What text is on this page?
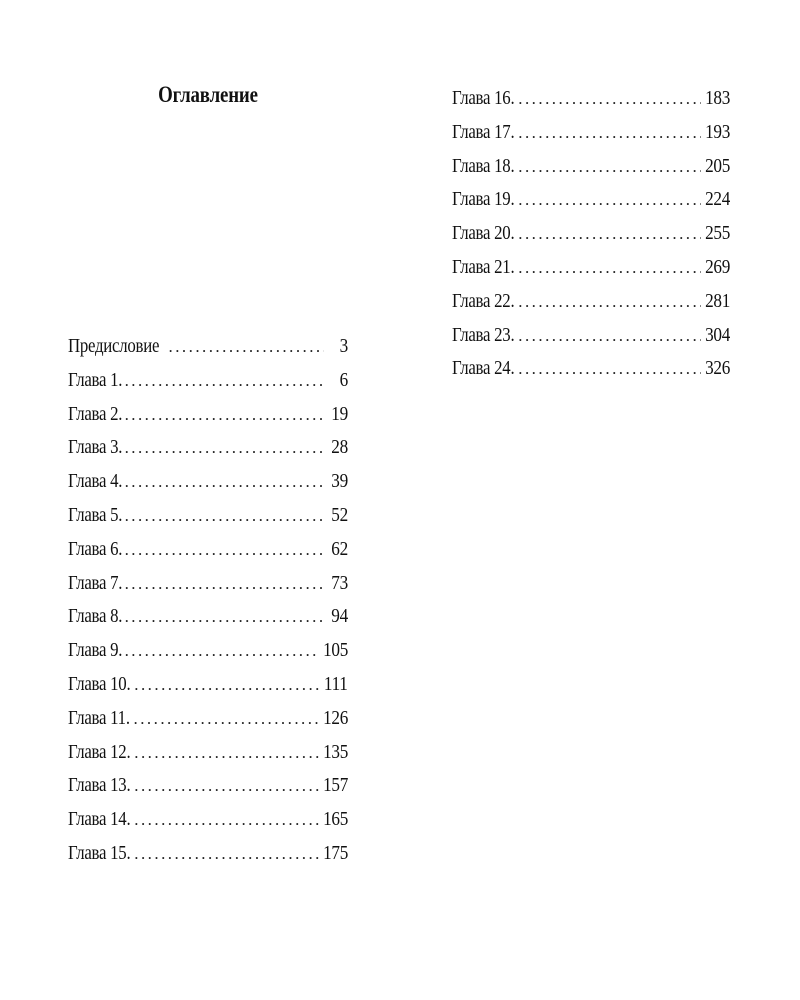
Оглавление
Предисловие . . .	3
Глава 1. . . .	6
Глава 2. . . .	19
Глава 3. . . .	28
Глава 4. . . .	39
Глава 5. . . .	52
Глава 6. . . .	62
Глава 7. . . .	73
Глава 8. . . .	94
Глава 9. . . .	105
Глава 10. . . .	111
Глава 11. . . .	126
Глава 12. . . .	135
Глава 13. . . .	157
Глава 14. . . .	165
Глава 15. . . .	175
Глава 16. . . .	183
Глава 17. . . .	193
Глава 18. . . .	205
Глава 19. . . .	224
Глава 20. . . .	255
Глава 21. . . .	269
Глава 22. . . .	281
Глава 23. . . .	304
Глава 24. . . .	326
